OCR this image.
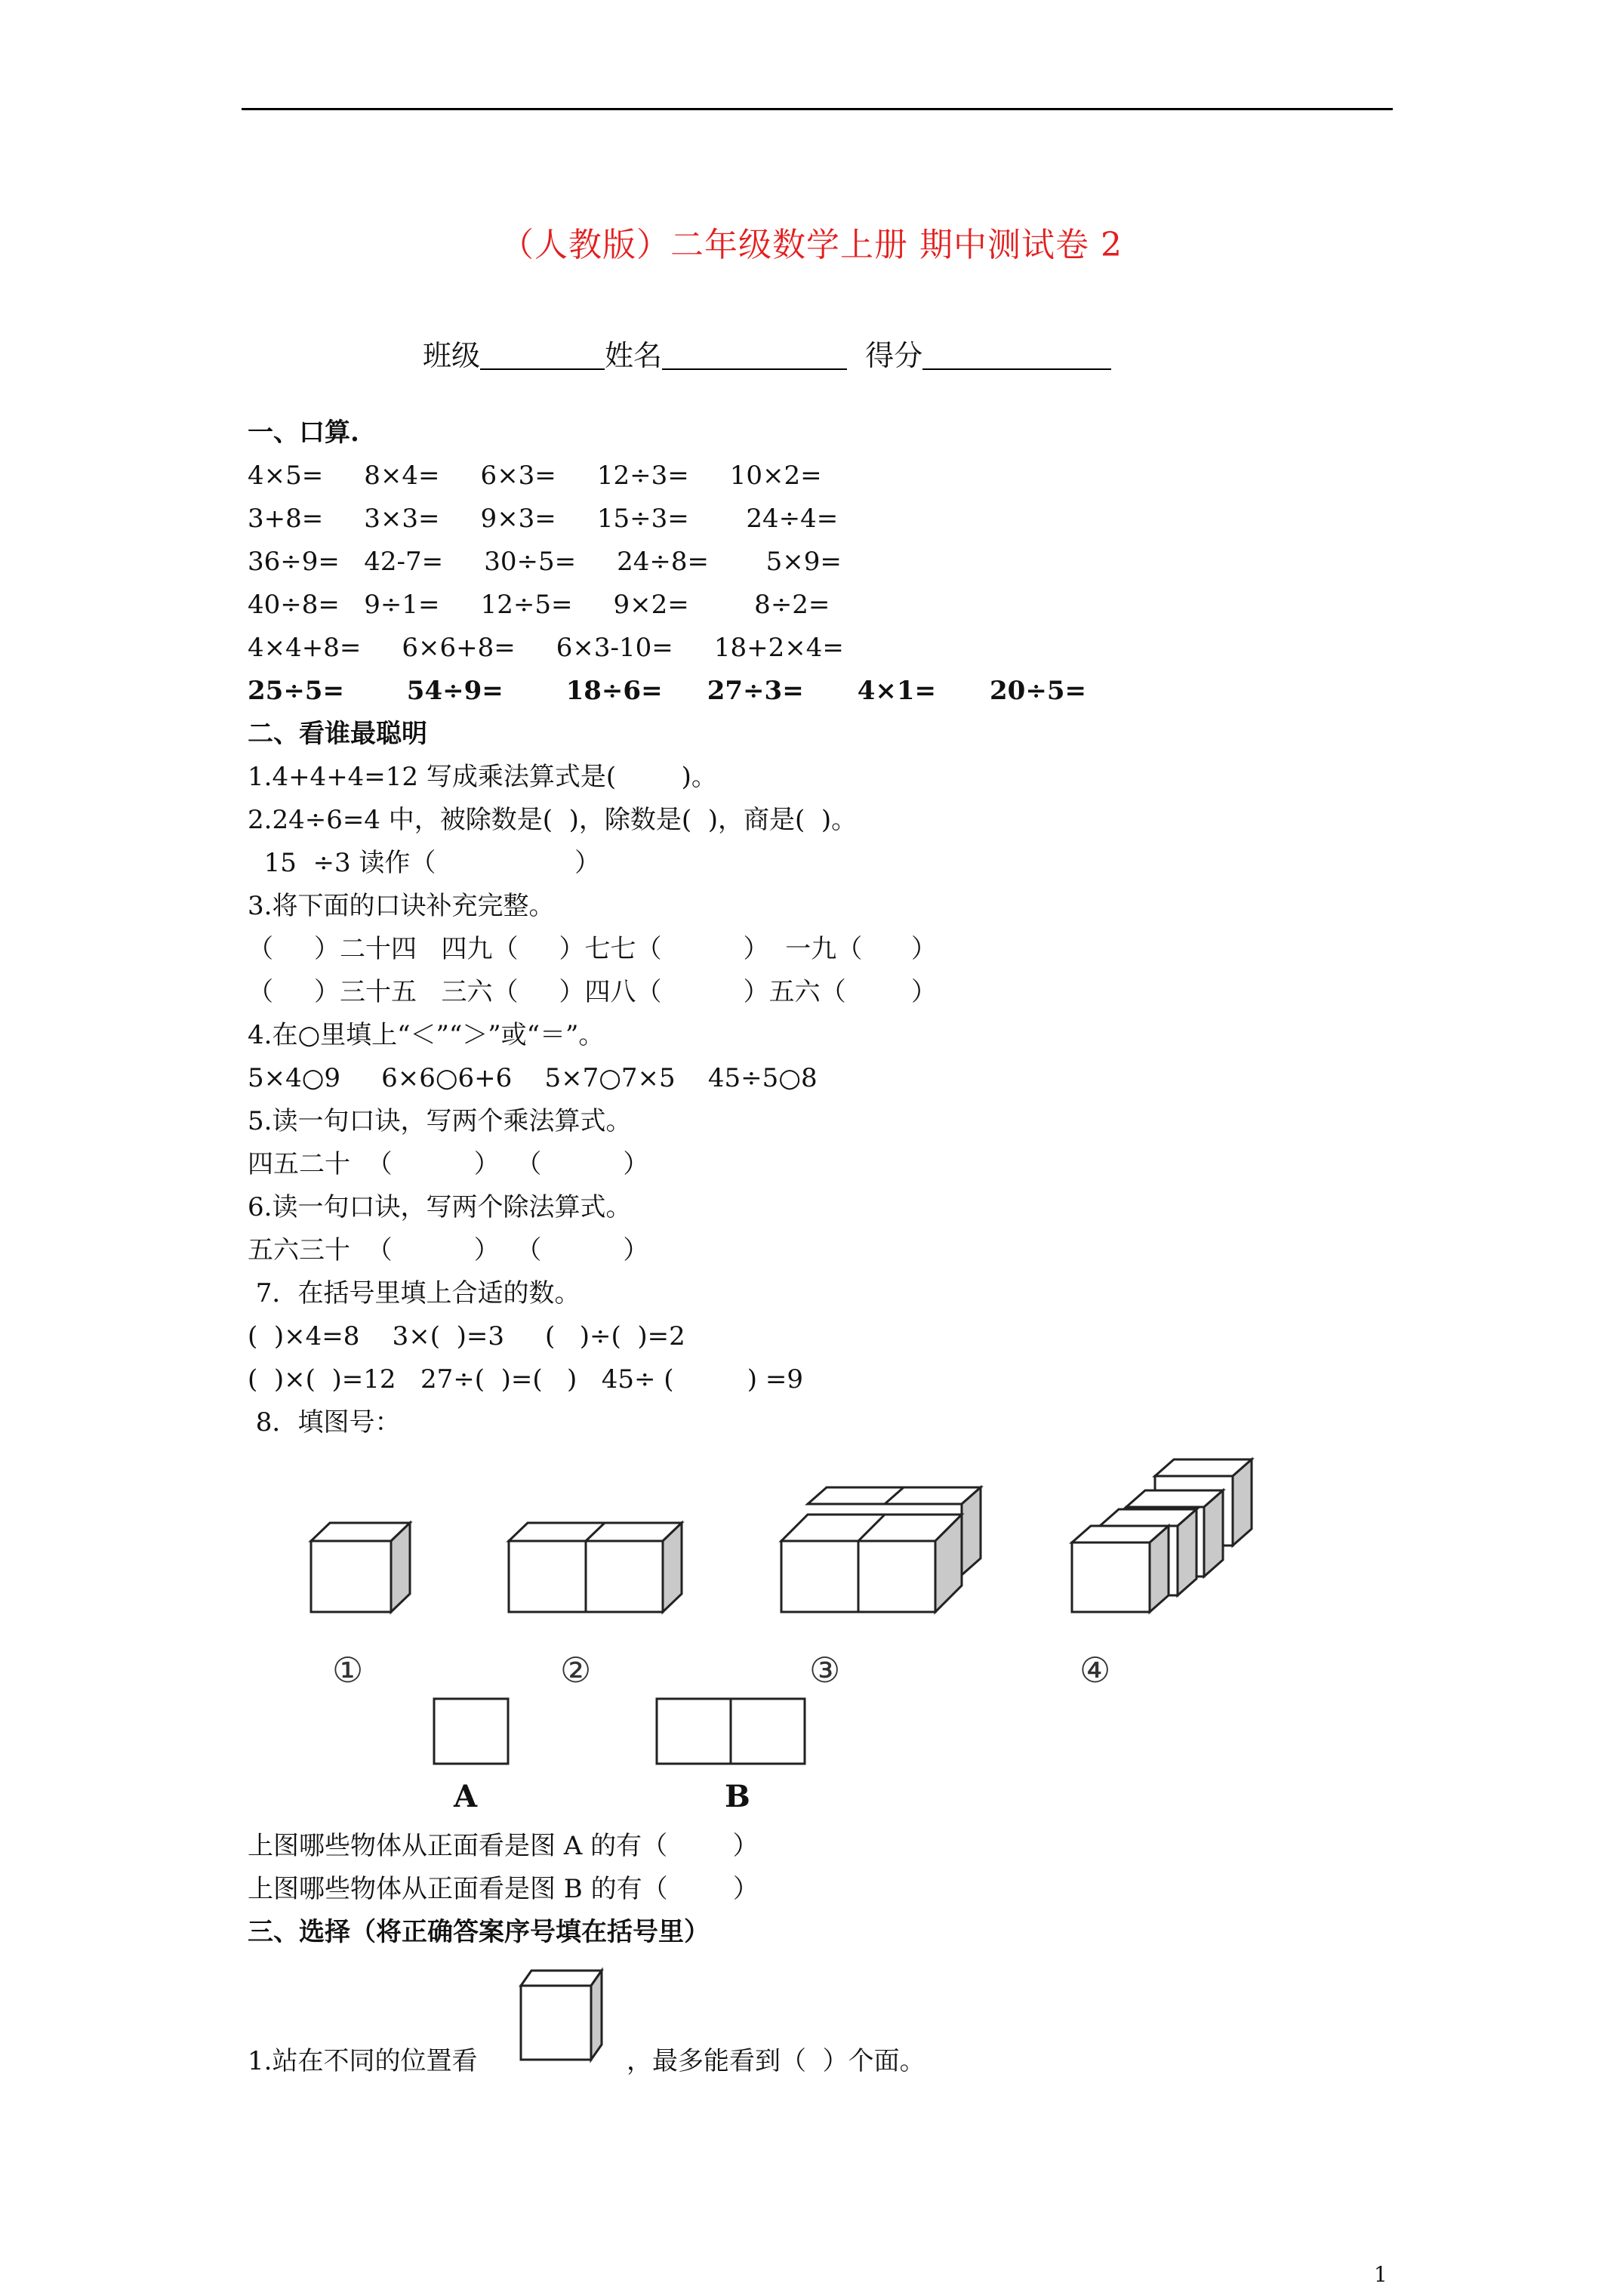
（人教版）二年级数学上册 期中测试卷 2
班级	姓名	得分
一、口算.
4×5=     8×4=     6×3=     12÷3=     10×2=
3+8=     3×3=     9×3=     15÷3=       24÷4=
36÷9=   42-7=     30÷5=     24÷8=       5×9=
40÷8=   9÷1=     12÷5=     9×2=        8÷2=
4×4+8=     6×6+8=     6×3-10=     18+2×4=
25÷5=       54÷9=       18÷6=     27÷3=      4×1=      20÷5=
二、看谁最聪明
1.4+4+4=12 写成乘法算式是(        )。
2.24÷6=4 中，被除数是(  )，除数是(  )，商是(  )。
15  ÷3 读作（                 ）
3.将下面的口诀补充完整。
（     ）二十四   四九（     ）七七（          ）  一九（      ）
（     ）三十五   三六（     ）四八（          ）五六（        ）
4.在○里填上“＜”“＞”或“＝”。
5×4○9     6×6○6+6    5×7○7×5    45÷5○8
5.读一句口诀，写两个乘法算式。
四五二十  （          ）  （          ）
6.读一句口诀，写两个除法算式。
五六三十  （          ）  （          ）
7．在括号里填上合适的数。
(  )×4=8    3×(  )=3     (   )÷(  )=2
(  )×(  )=12   27÷(  )=(   )   45÷ (         ) =9
8．填图号：
①	②	③	④
A	B
上图哪些物体从正面看是图 A 的有（        ）
上图哪些物体从正面看是图 B 的有（        ）
三、选择（将正确答案序号填在括号里）
1.站在不同的位置看	，最多能看到（  ）个面。
1
